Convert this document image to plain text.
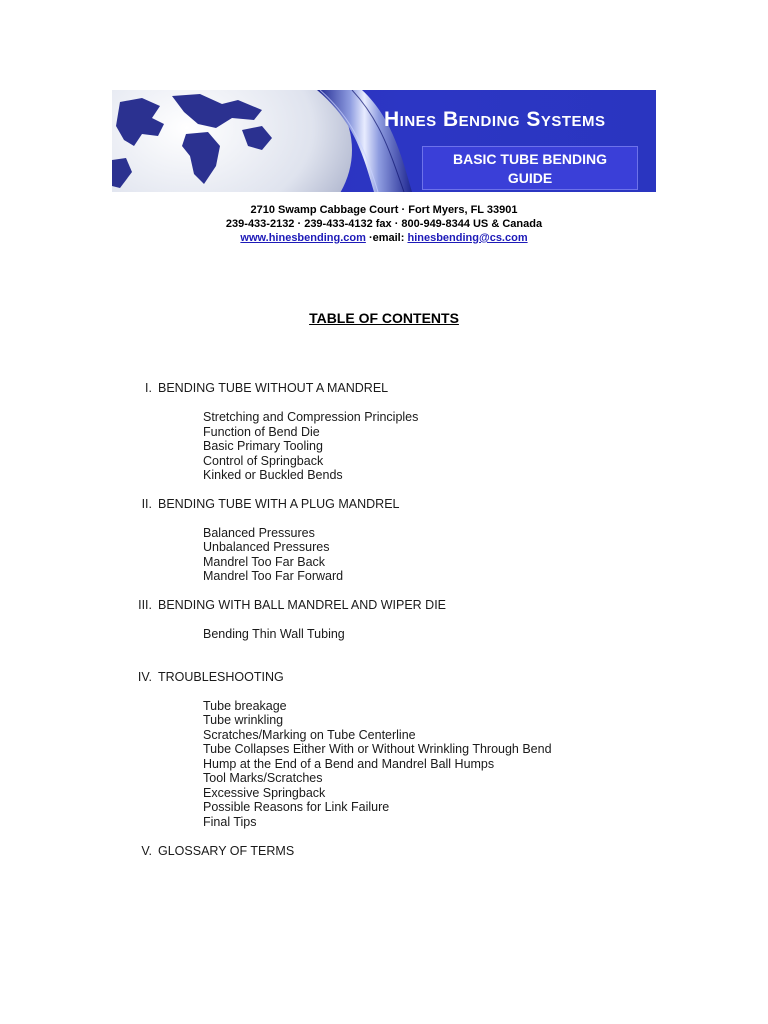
Hines Bending Systems
BASIC TUBE BENDING
GUIDE
2710 Swamp Cabbage Court · Fort Myers, FL 33901
239-433-2132 · 239-433-4132 fax · 800-949-8344 US & Canada
www.hinesbending.com ·email: hinesbending@cs.com
TABLE OF CONTENTS
I. BENDING TUBE WITHOUT A MANDREL
Stretching and Compression Principles
Function of Bend Die
Basic Primary Tooling
Control of Springback
Kinked or Buckled Bends
II. BENDING TUBE WITH A PLUG MANDREL
Balanced Pressures
Unbalanced Pressures
Mandrel Too Far Back
Mandrel Too Far Forward
III. BENDING WITH BALL MANDREL AND WIPER DIE
Bending Thin Wall Tubing
IV. TROUBLESHOOTING
Tube breakage
Tube wrinkling
Scratches/Marking on Tube Centerline
Tube Collapses Either With or Without Wrinkling Through Bend
Hump at the End of a Bend and Mandrel Ball Humps
Tool Marks/Scratches
Excessive Springback
Possible Reasons for Link Failure
Final Tips
V. GLOSSARY OF TERMS
